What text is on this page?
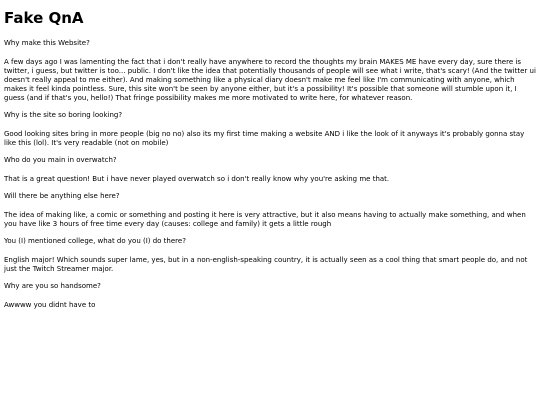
Fake QnA

Why make this Website?

A few days ago I was lamenting the fact that i don't really have anywhere to record the thoughts my brain MAKES ME have every day, sure there is twitter, i guess, but twitter is too... public. I don't like the idea that potentially thousands of people will see what i write, that's scary! (And the twitter ui doesn't really appeal to me either). And making something like a physical diary doesn't make me feel like I'm communicating with anyone, which makes it feel kinda pointless. Sure, this site won't be seen by anyone either, but it's a possibility! It's possible that someone will stumble upon it, I guess (and if that's you, hello!) That fringe possibility makes me more motivated to write here, for whatever reason.

Why is the site so boring looking?

Good looking sites bring in more people (big no no) also its my first time making a website AND i like the look of it anyways it's probably gonna stay like this (lol). It's very readable (not on mobile)

Who do you main in overwatch?

That is a great question! But i have never played overwatch so i don't really know why you're asking me that.

Will there be anything else here?

The idea of making like, a comic or something and posting it here is very attractive, but it also means having to actually make something, and when you have like 3 hours of free time every day (causes: college and family) it gets a little rough

You (I) mentioned college, what do you (I) do there?

English major! Which sounds super lame, yes, but in a non-english-speaking country, it is actually seen as a cool thing that smart people do, and not just the Twitch Streamer major.

Why are you so handsome?

Awwww you didnt have to
